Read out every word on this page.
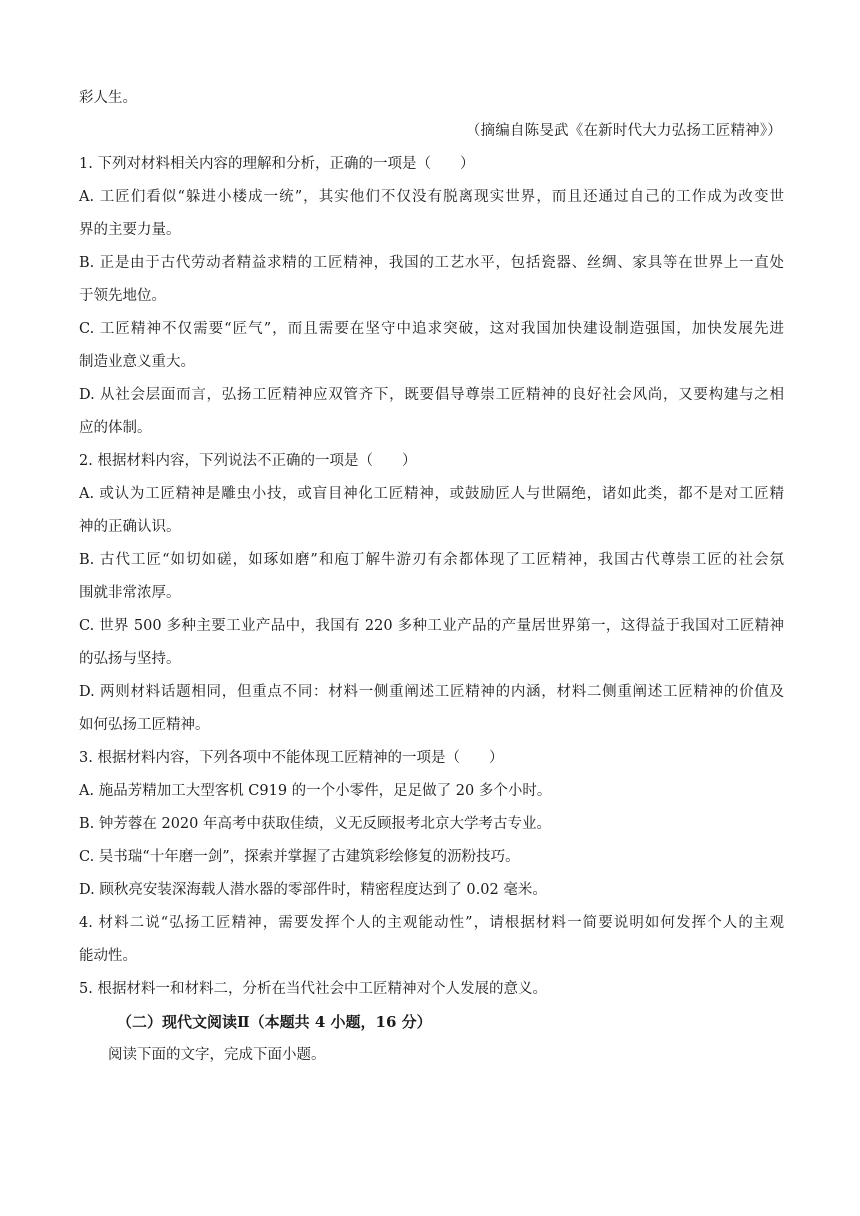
彩人生。
（摘编自陈旻武《在新时代大力弘扬工匠精神》）
1. 下列对材料相关内容的理解和分析，正确的一项是（　　）
A. 工匠们看似“躲进小楼成一统”，其实他们不仅没有脱离现实世界，而且还通过自己的工作成为改变世
界的主要力量。
B. 正是由于古代劳动者精益求精的工匠精神，我国的工艺水平，包括瓷器、丝绸、家具等在世界上一直处
于领先地位。
C. 工匠精神不仅需要“匠气”，而且需要在坚守中追求突破，这对我国加快建设制造强国，加快发展先进
制造业意义重大。
D. 从社会层面而言，弘扬工匠精神应双管齐下，既要倡导尊崇工匠精神的良好社会风尚，又要构建与之相
应的体制。
2. 根据材料内容，下列说法不正确的一项是（　　）
A. 或认为工匠精神是雕虫小技，或盲目神化工匠精神，或鼓励匠人与世隔绝，诸如此类，都不是对工匠精
神的正确认识。
B. 古代工匠“如切如磋，如琢如磨”和庖丁解牛游刃有余都体现了工匠精神，我国古代尊崇工匠的社会氛
围就非常浓厚。
C. 世界 500 多种主要工业产品中，我国有 220 多种工业产品的产量居世界第一，这得益于我国对工匠精神
的弘扬与坚持。
D. 两则材料话题相同，但重点不同：材料一侧重阐述工匠精神的内涵，材料二侧重阐述工匠精神的价值及
如何弘扬工匠精神。
3. 根据材料内容，下列各项中不能体现工匠精神的一项是（　　）
A. 施品芳精加工大型客机 C919 的一个小零件，足足做了 20 多个小时。
B. 钟芳蓉在 2020 年高考中获取佳绩，义无反顾报考北京大学考古专业。
C. 吴书瑞“十年磨一剑”，探索并掌握了古建筑彩绘修复的沥粉技巧。
D. 顾秋亮安装深海载人潜水器的零部件时，精密程度达到了 0.02 毫米。
4. 材料二说“弘扬工匠精神，需要发挥个人的主观能动性”，请根据材料一简要说明如何发挥个人的主观
能动性。
5. 根据材料一和材料二，分析在当代社会中工匠精神对个人发展的意义。
（二）现代文阅读Ⅱ（本题共 4 小题，16 分）
阅读下面的文字，完成下面小题。
